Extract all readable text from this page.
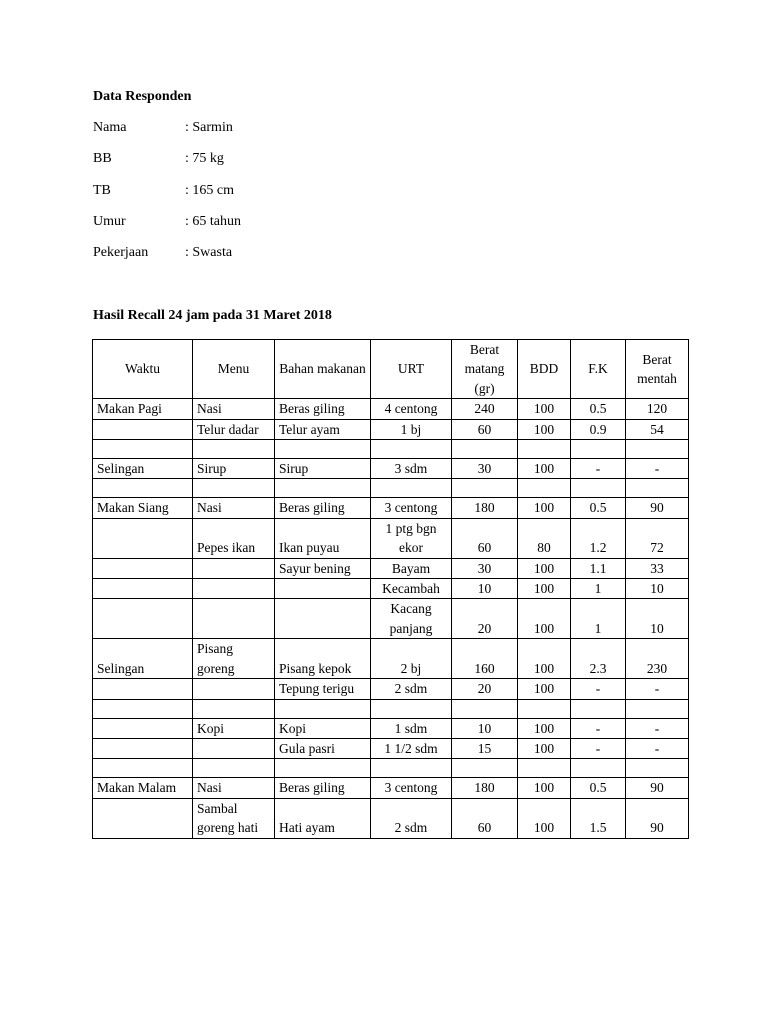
Data Responden
Nama	: Sarmin
BB	: 75 kg
TB	: 165 cm
Umur	: 65 tahun
Pekerjaan	: Swasta
Hasil Recall 24 jam pada 31 Maret 2018
Waktu	Menu	Bahan makanan	URT	Berat matang (gr)	BDD	F.K	Berat mentah
Makan Pagi	Nasi	Beras giling	4 centong	240	100	0.5	120
	Telur dadar	Telur ayam	1 bj	60	100	0.9	54

Selingan	Sirup	Sirup	3 sdm	30	100	-	-

Makan Siang	Nasi	Beras giling	3 centong	180	100	0.5	90
	Pepes ikan	Ikan puyau	1 ptg bgn ekor	60	80	1.2	72
		Sayur bening	Bayam	30	100	1.1	33
			Kecambah	10	100	1	10
			Kacang panjang	20	100	1	10
Selingan	Pisang goreng	Pisang kepok	2 bj	160	100	2.3	230
		Tepung terigu	2 sdm	20	100	-	-

	Kopi	Kopi	1 sdm	10	100	-	-
		Gula pasri	1 1/2 sdm	15	100	-	-

Makan Malam	Nasi	Beras giling	3 centong	180	100	0.5	90
	Sambal goreng hati	Hati ayam	2 sdm	60	100	1.5	90
